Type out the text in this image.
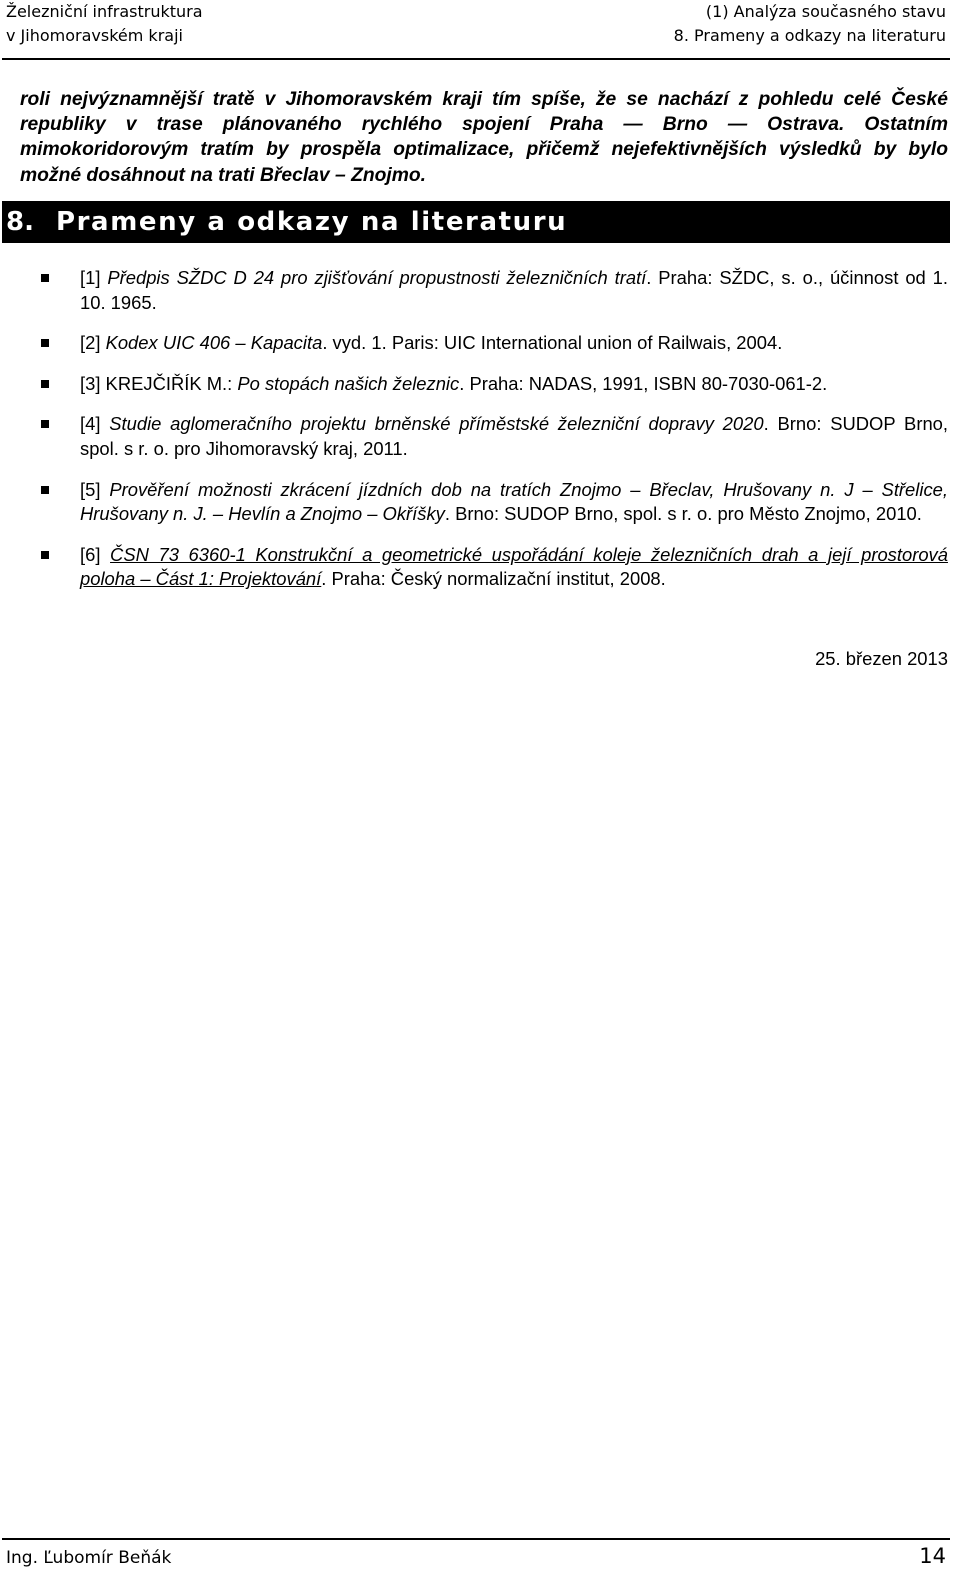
Železniční infrastruktura
v Jihomoravském kraji
(1) Analýza současného stavu
8. Prameny a odkazy na literaturu

roli nejvýznamnější tratě v Jihomoravském kraji tím spíše, že se nachází z pohledu celé České republiky v trase plánovaného rychlého spojení Praha — Brno — Ostrava. Ostatním mimokoridorovým tratím by prospěla optimalizace, přičemž nejefektivnějších výsledků by bylo možné dosáhnout na trati Břeclav – Znojmo.

8. Prameny a odkazy na literaturu
[1] Předpis SŽDC D 24 pro zjišťování propustnosti železničních tratí. Praha: SŽDC, s. o., účinnost od 1. 10. 1965.
[2] Kodex UIC 406 – Kapacita. vyd. 1. Paris: UIC International union of Railwais, 2004.
[3] KREJČIŘÍK M.: Po stopách našich železnic. Praha: NADAS, 1991, ISBN 80-7030-061-2.
[4] Studie aglomeračního projektu brněnské příměstské železniční dopravy 2020. Brno: SUDOP Brno, spol. s r. o. pro Jihomoravský kraj, 2011.
[5] Prověření možnosti zkrácení jízdních dob na tratích Znojmo – Břeclav, Hrušovany n. J – Střelice, Hrušovany n. J. – Hevlín a Znojmo – Okříšky. Brno: SUDOP Brno, spol. s r. o. pro Město Znojmo, 2010.
[6] ČSN 73 6360-1 Konstrukční a geometrické uspořádání koleje železničních drah a její prostorová poloha – Část 1: Projektování. Praha: Český normalizační institut, 2008.
25. březen 2013
Ing. Ľubomír Beňák	14
